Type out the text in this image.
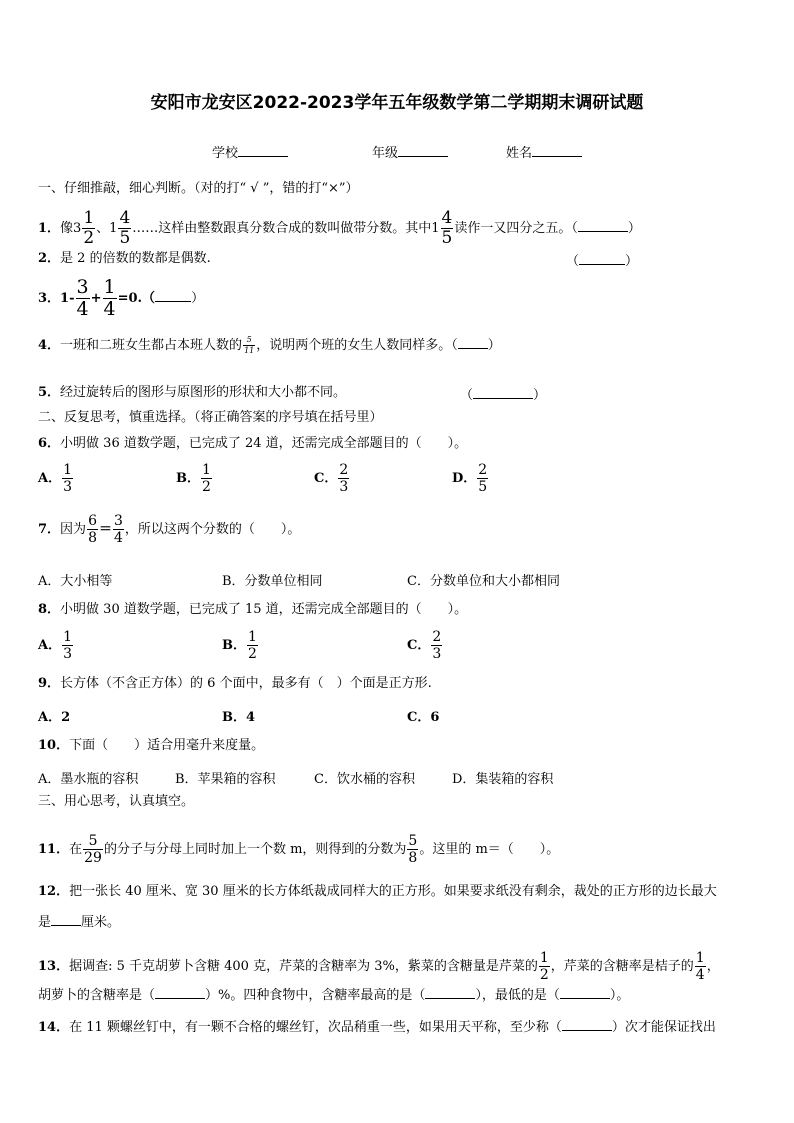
安阳市龙安区2022-2023学年五年级数学第二学期期末调研试题
学校	年级	姓名
一、仔细推敲，细心判断。（对的打“ √ ”，错的打“×”）
1．像$3 \frac{1}{2}$ 、$1 \frac{4}{5}$ ……这样由整数跟真分数合成的数叫做带分数。其中$1 \frac{4}{5}$ 读作一又四分之五。（	）
2．是 2 的倍数的数都是偶数.	（	）
3．$1- \frac{3}{4} + \frac{1}{4} =0$.（	）
4．一班和二班女生都占本班人数的 $\frac{5}{11}$ ，说明两个班的女生人数同样多。（ ）
5．经过旋转后的图形与原图形的形状和大小都不同。	（	）
二、反复思考，慎重选择。（将正确答案的序号填在括号里）
6．小明做 36 道数学题，已完成了 24 道，还需完成全部题目的（　　）。
A． $\frac{1}{3}$	B． $\frac{1}{2}$	C． $\frac{2}{3}$	D． $\frac{2}{5}$
7．因为 $\frac{6}{8} = \frac{3}{4}$ ，所以这两个分数的（　　）。
A．大小相等	B．分数单位相同	C．分数单位和大小都相同
8．小明做 30 道数学题，已完成了 15 道，还需完成全部题目的（　　）。
A． $\frac{1}{3}$	B． $\frac{1}{2}$	C． $\frac{2}{3}$
9．长方体（不含正方体）的 6 个面中，最多有（　）个面是正方形.
A．2	B．4	C．6
10．下面（　　）适合用毫升来度量。
A．墨水瓶的容积	B．苹果箱的容积	C．饮水桶的容积	D．集装箱的容积
三、用心思考，认真填空。
11．在 $\frac{5}{29}$ 的分子与分母上同时加上一个数 m，则得到的分数为 $\frac{5}{8}$ 。这里的 m＝（　　）。
12．把一张长 40 厘米、宽 30 厘米的长方体纸裁成同样大的正方形。如果要求纸没有剩余，裁处的正方形的边长最大
是 厘米。
13．据调查: 5 千克胡萝卜含糖 400 克，芹菜的含糖率为 3%，紫菜的含糖量是芹菜的 $\frac{1}{2}$ ，芹菜的含糖率是桔子的 $\frac{1}{4}$ ，
胡萝卜的含糖率是（	）%。四种食物中，含糖率最高的是（	），最低的是（	）。
14．在 11 颗螺丝钉中，有一颗不合格的螺丝钉，次品稍重一些，如果用天平称，至少称（	）次才能保证找出
